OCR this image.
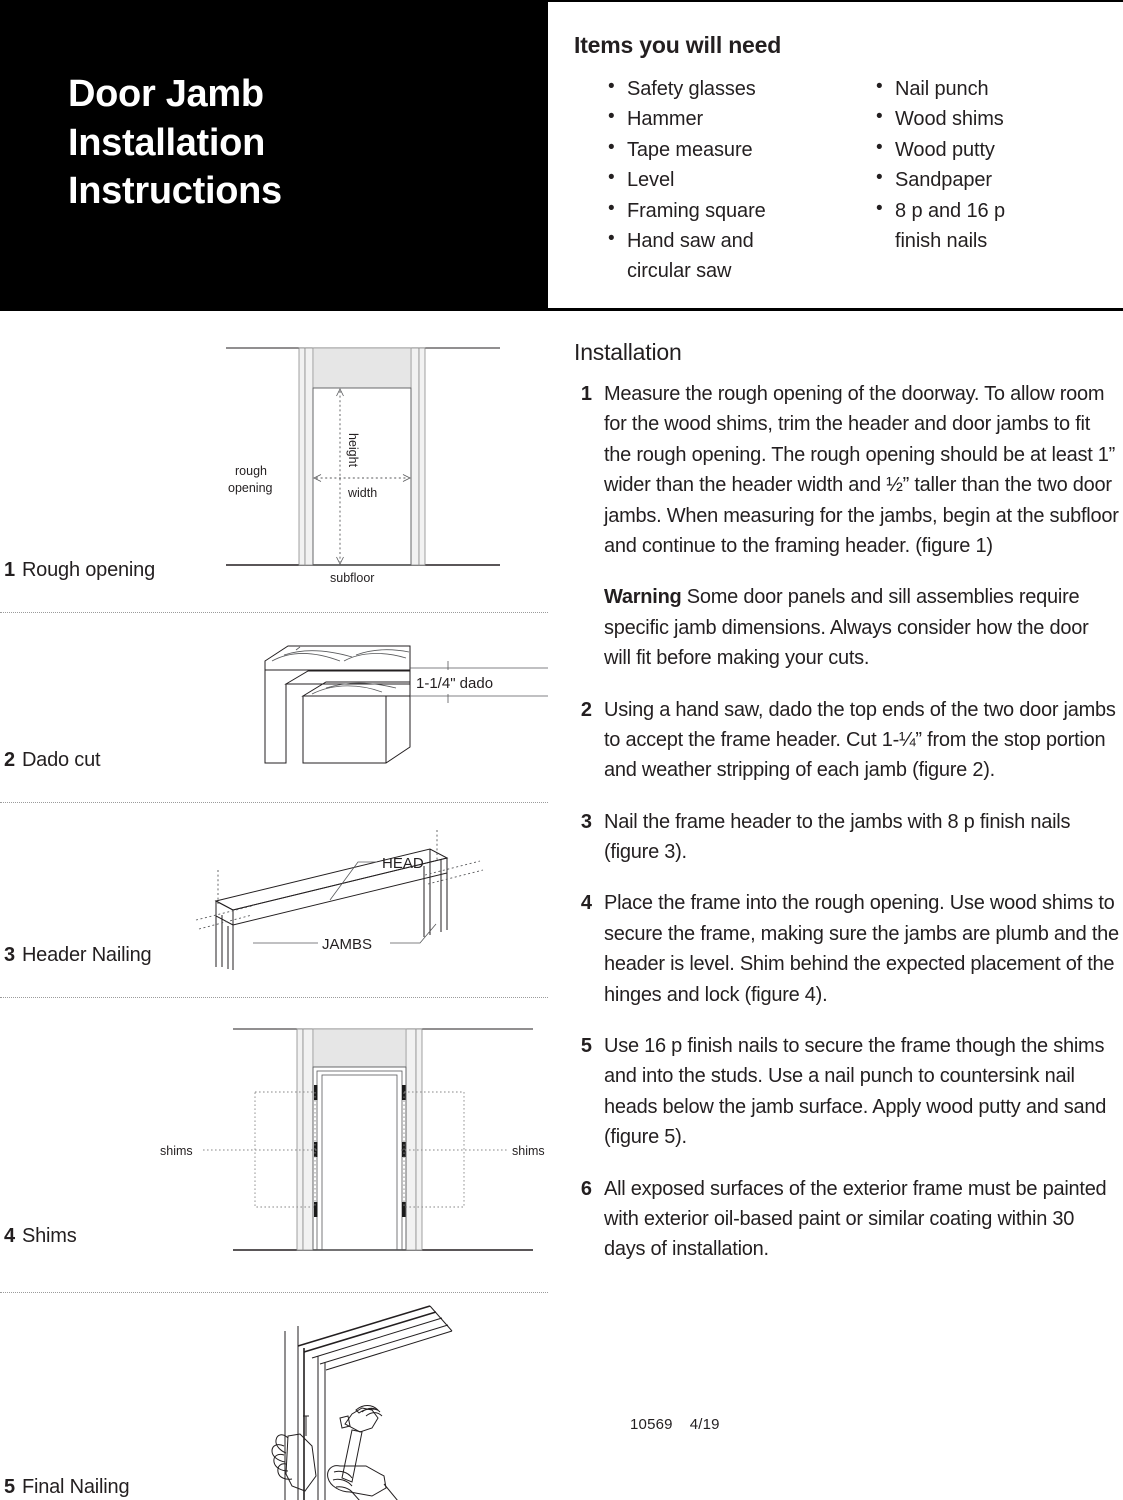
Door Jamb
Installation
Instructions
Items you will need
• Safety glasses
• Hammer
• Tape measure
• Level
• Framing square
• Hand saw and
circular saw
• Nail punch
• Wood shims
• Wood putty
• Sandpaper
• 8 p and 16 p
finish nails
rough
opening
height
width
subfloor
1 Rough opening
1-1/4" dado
2 Dado cut
HEAD
JAMBS
3 Header Nailing
shims	shims
4 Shims
5 Final Nailing
Installation
1 Measure the rough opening of the doorway. To allow room for the wood shims, trim the header and door jambs to fit the rough opening. The rough opening should be at least 1” wider than the header width and ½” taller than the two door jambs. When measuring for the jambs, begin at the subfloor and continue to the framing header. (figure 1)

Warning Some door panels and sill assemblies require specific jamb dimensions. Always consider how the door will fit before making your cuts.

2 Using a hand saw, dado the top ends of the two door jambs to accept the frame header. Cut 1-¼” from the stop portion and weather stripping of each jamb (figure 2).

3 Nail the frame header to the jambs with 8 p finish nails (figure 3).

4 Place the frame into the rough opening. Use wood shims to secure the frame, making sure the jambs are plumb and the header is level. Shim behind the expected placement of the hinges and lock (figure 4).

5 Use 16 p finish nails to secure the frame though the shims and into the studs. Use a nail punch to countersink nail heads below the jamb surface. Apply wood putty and sand (figure 5).

6 All exposed surfaces of the exterior frame must be painted with exterior oil-based paint or similar coating within 30 days of installation.

10569 4/19
